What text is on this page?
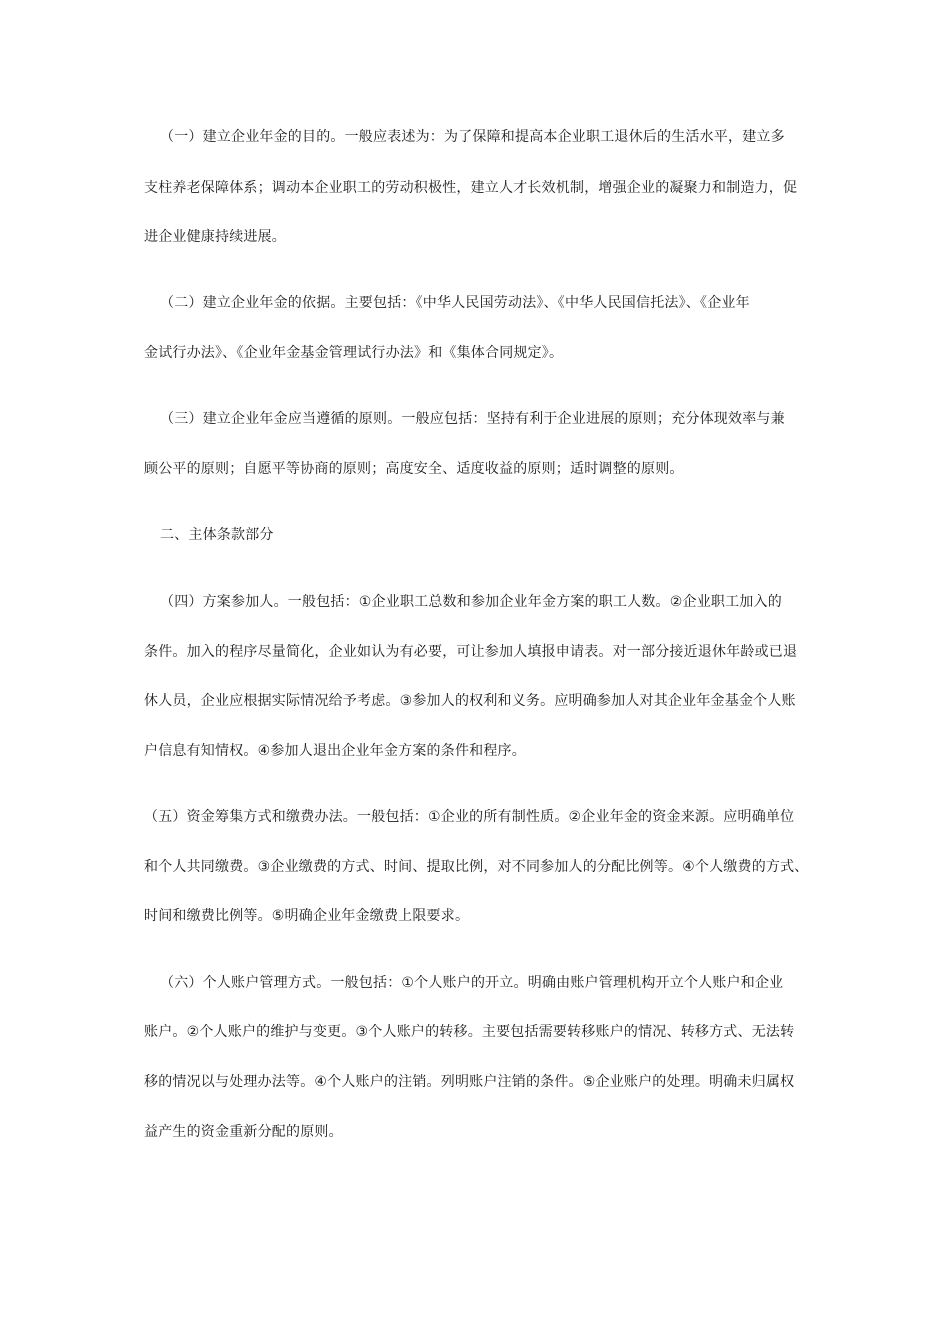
（一）建立企业年金的目的。一般应表述为：为了保障和提高本企业职工退休后的生活水平，建立多
支柱养老保障体系；调动本企业职工的劳动积极性，建立人才长效机制，增强企业的凝聚力和制造力，促
进企业健康持续进展。
（二）建立企业年金的依据。主要包括：《中华人民国劳动法》、《中华人民国信托法》、《企业年
金试行办法》、《企业年金基金管理试行办法》和《集体合同规定》。
（三）建立企业年金应当遵循的原则。一般应包括：坚持有利于企业进展的原则；充分体现效率与兼
顾公平的原则；自愿平等协商的原则；高度安全、适度收益的原则；适时调整的原则。
二、主体条款部分
（四）方案参加人。一般包括：①企业职工总数和参加企业年金方案的职工人数。②企业职工加入的
条件。加入的程序尽量简化，企业如认为有必要，可让参加人填报申请表。对一部分接近退休年龄或已退
休人员，企业应根据实际情况给予考虑。③参加人的权利和义务。应明确参加人对其企业年金基金个人账
户信息有知情权。④参加人退出企业年金方案的条件和程序。
（五）资金筹集方式和缴费办法。一般包括：①企业的所有制性质。②企业年金的资金来源。应明确单位
和个人共同缴费。③企业缴费的方式、时间、提取比例，对不同参加人的分配比例等。④个人缴费的方式、
时间和缴费比例等。⑤明确企业年金缴费上限要求。
（六）个人账户管理方式。一般包括：①个人账户的开立。明确由账户管理机构开立个人账户和企业
账户。②个人账户的维护与变更。③个人账户的转移。主要包括需要转移账户的情况、转移方式、无法转
移的情况以与处理办法等。④个人账户的注销。列明账户注销的条件。⑤企业账户的处理。明确未归属权
益产生的资金重新分配的原则。
